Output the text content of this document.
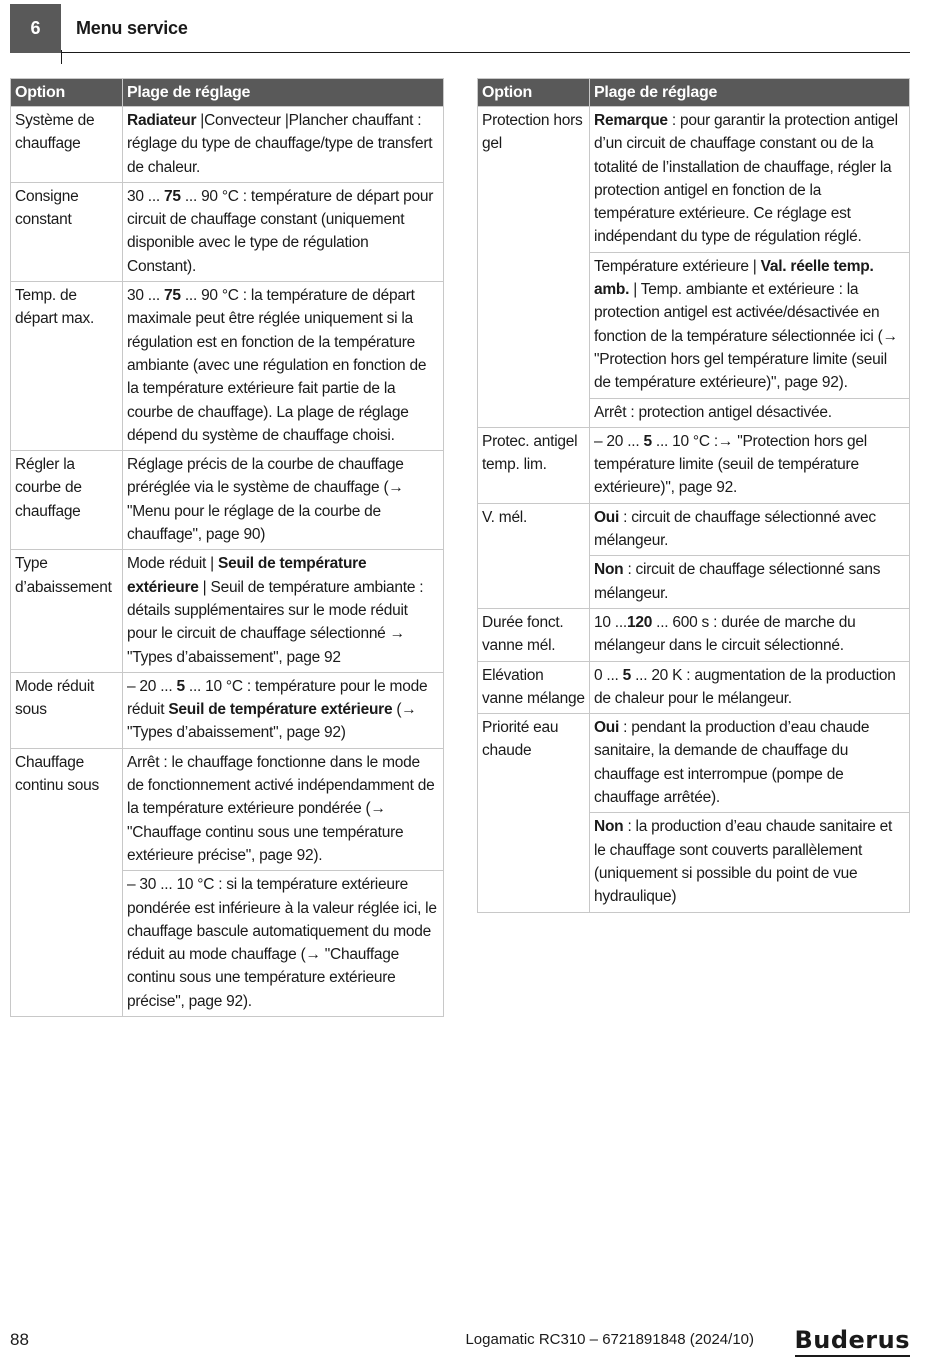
6	Menu service
Option	Plage de réglage
Système de chauffage	Radiateur |Convecteur |Plancher chauffant : réglage du type de chauffage/type de transfert de chaleur.
Consigne constant	30 ... 75 ... 90 °C : température de départ pour circuit de chauffage constant (uniquement disponible avec le type de régulation Constant).
Temp. de départ max.	30 ... 75 ... 90 °C : la température de départ maximale peut être réglée uniquement si la régulation est en fonction de la température ambiante (avec une régulation en fonction de la température extérieure fait partie de la courbe de chauffage). La plage de réglage dépend du système de chauffage choisi.
Régler la courbe de chauffage	Réglage précis de la courbe de chauffage préréglée via le système de chauffage (→ "Menu pour le réglage de la courbe de chauffage", page 90)
Type d’abaissement	Mode réduit | Seuil de température extérieure | Seuil de température ambiante : détails supplémentaires sur le mode réduit pour le circuit de chauffage sélectionné → "Types d’abaissement", page 92
Mode réduit sous	– 20 ... 5 ... 10 °C : température pour le mode réduit Seuil de température extérieure (→ "Types d’abaissement", page 92)
Chauffage continu sous	Arrêt : le chauffage fonctionne dans le mode de fonctionnement activé indépendamment de la température extérieure pondérée (→ "Chauffage continu sous une température extérieure précise", page 92).
	– 30 ... 10 °C : si la température extérieure pondérée est inférieure à la valeur réglée ici, le chauffage bascule automatiquement du mode réduit au mode chauffage (→ "Chauffage continu sous une température extérieure précise", page 92).
Option	Plage de réglage
Protection hors gel	Remarque : pour garantir la protection antigel d’un circuit de chauffage constant ou de la totalité de l’installation de chauffage, régler la protection antigel en fonction de la température extérieure. Ce réglage est indépendant du type de régulation réglé.
	Température extérieure | Val. réelle temp. amb. | Temp. ambiante et extérieure : la protection antigel est activée/désactivée en fonction de la température sélectionnée ici (→ "Protection hors gel température limite (seuil de température extérieure)", page 92).
	Arrêt : protection antigel désactivée.
Protec. antigel temp. lim.	– 20 ... 5 ... 10 °C :→ "Protection hors gel température limite (seuil de température extérieure)", page 92.
V. mél.	Oui : circuit de chauffage sélectionné avec mélangeur.
	Non : circuit de chauffage sélectionné sans mélangeur.
Durée fonct. vanne mél.	10 ...120 ... 600 s : durée de marche du mélangeur dans le circuit sélectionné.
Elévation vanne mélange	0 ... 5 ... 20 K : augmentation de la production de chaleur pour le mélangeur.
Priorité eau chaude	Oui : pendant la production d’eau chaude sanitaire, la demande de chauffage du chauffage est interrompue (pompe de chauffage arrêtée).
	Non : la production d’eau chaude sanitaire et le chauffage sont couverts parallèlement (uniquement si possible du point de vue hydraulique)
88	Logamatic RC310 – 6721891848 (2024/10) Buderus
